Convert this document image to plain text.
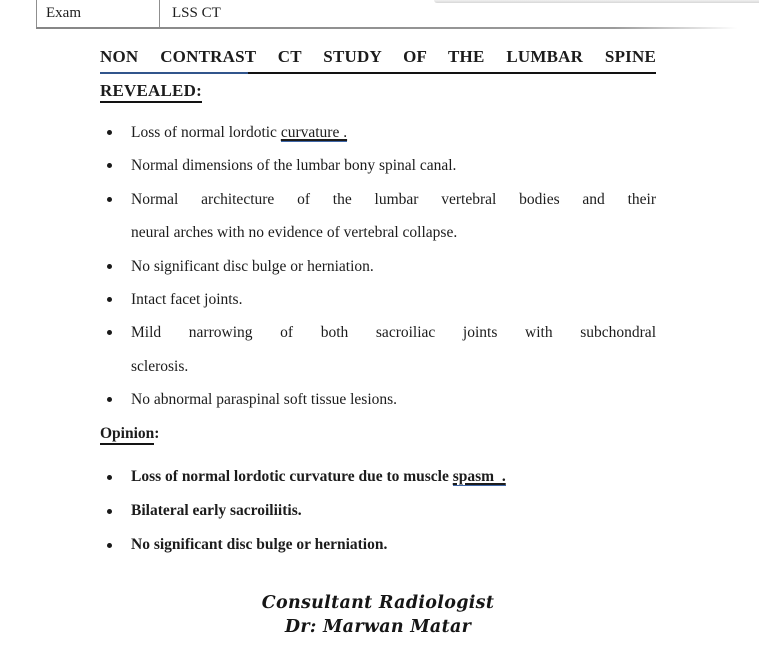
Exam	LSS CT
NON CONTRAST CT STUDY OF THE LUMBAR SPINE
REVEALED:
Loss of normal lordotic curvature .
Normal dimensions of the lumbar bony spinal canal.
Normal architecture of the lumbar vertebral bodies and their
neural arches with no evidence of vertebral collapse.
No significant disc bulge or herniation.
Intact facet joints.
Mild narrowing of both sacroiliac joints with subchondral
sclerosis.
No abnormal paraspinal soft tissue lesions.
Opinion:
Loss of normal lordotic curvature due to muscle spasm  .
Bilateral early sacroiliitis.
No significant disc bulge or herniation.
Consultant Radiologist
Dr: Marwan Matar
